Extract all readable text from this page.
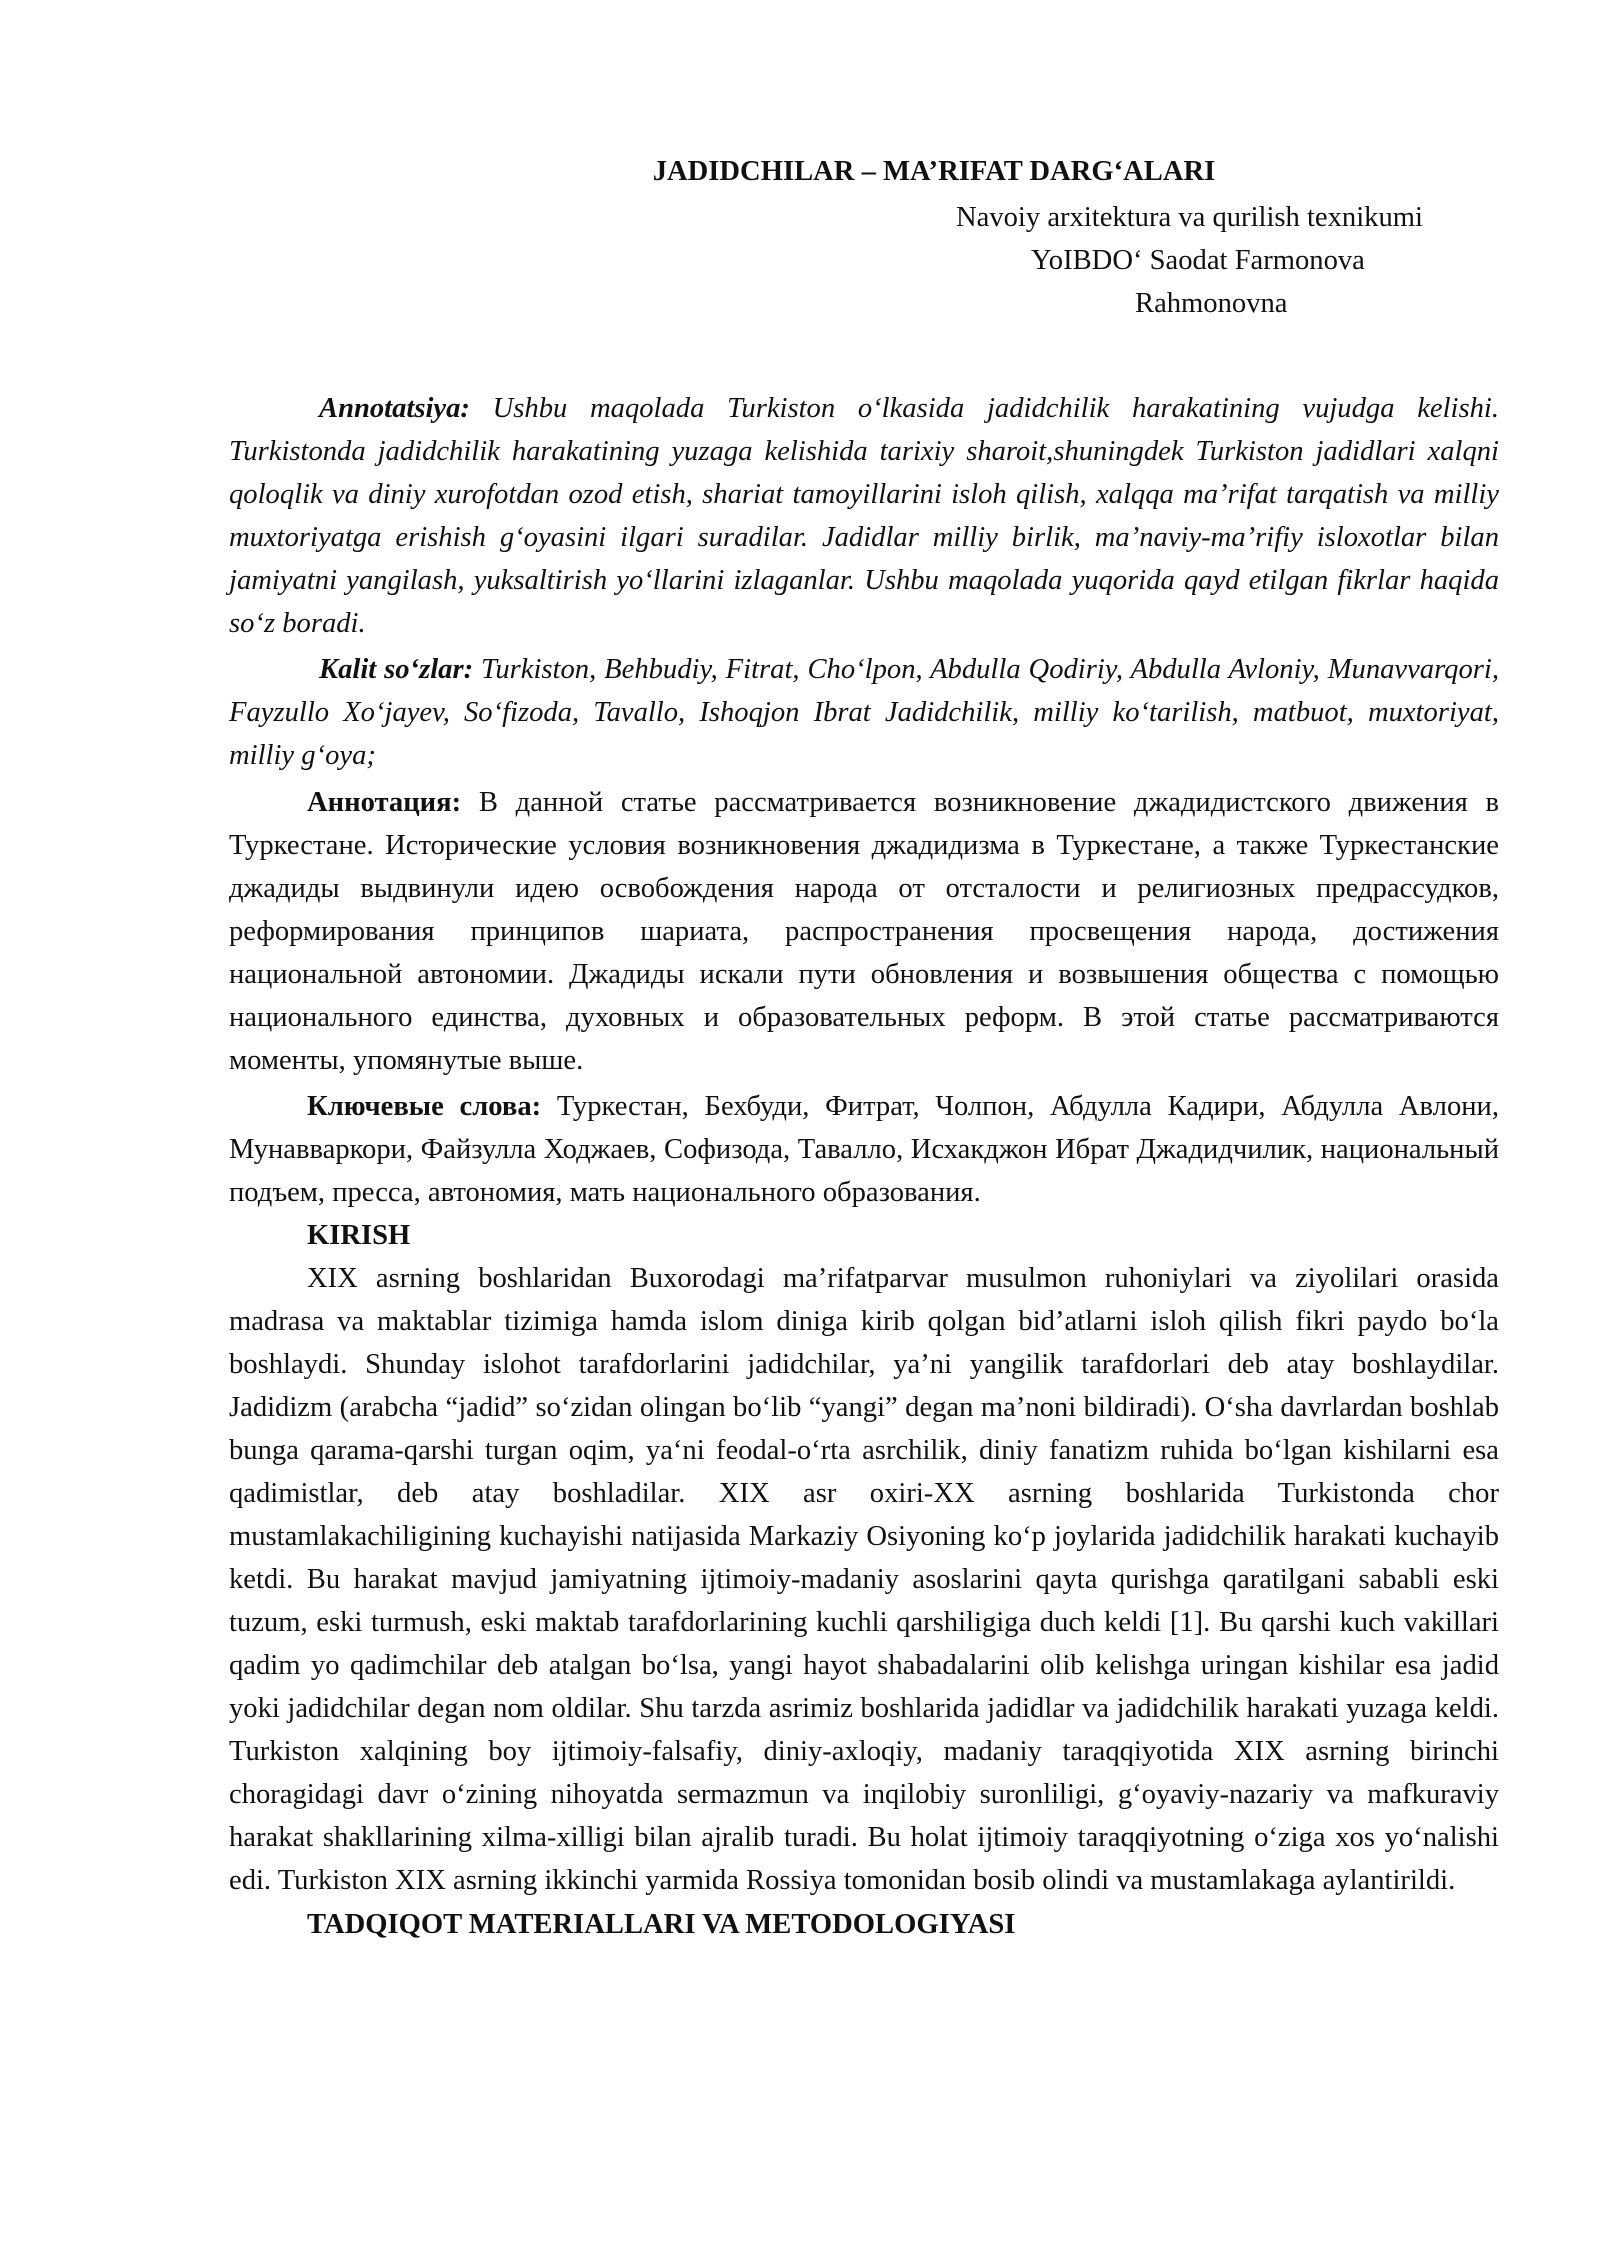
JADIDCHILAR – MA’RIFAT DARG‘ALARI
Navoiy arxitektura va qurilish texnikumi
YoIBDO‘ Saodat Farmonova
Rahmonovna

Annotatsiya: Ushbu maqolada Turkiston o‘lkasida jadidchilik harakatining vujudga kelishi. Turkistonda jadidchilik harakatining yuzaga kelishida tarixiy sharoit,shuningdek Turkiston jadidlari xalqni qoloqlik va diniy xurofotdan ozod etish, shariat tamoyillarini isloh qilish, xalqqa ma’rifat tarqatish va milliy muxtoriyatga erishish g‘oyasini ilgari suradilar. Jadidlar milliy birlik, ma’naviy-ma’rifiy isloxotlar bilan jamiyatni yangilash, yuksaltirish yo‘llarini izlaganlar. Ushbu maqolada yuqorida qayd etilgan fikrlar haqida so‘z boradi.

Kalit so‘zlar: Turkiston, Behbudiy, Fitrat, Cho‘lpon, Abdulla Qodiriy, Abdulla Avloniy, Munavvarqori, Fayzullo Xo‘jayev, So‘fizoda, Tavallo, Ishoqjon Ibrat Jadidchilik, milliy ko‘tarilish, matbuot, muxtoriyat, milliy g‘oya;

Аннотация: В данной статье рассматривается возникновение джадидистского движения в Туркестане. Исторические условия возникновения джадидизма в Туркестане, а также Туркестанские джадиды выдвинули идею освобождения народа от отсталости и религиозных предрассудков, реформирования принципов шариата, распространения просвещения народа, достижения национальной автономии. Джадиды искали пути обновления и возвышения общества с помощью национального единства, духовных и образовательных реформ. В этой статье рассматриваются моменты, упомянутые выше.

Ключевые слова: Туркестан, Бехбуди, Фитрат, Чолпон, Абдулла Кадири, Абдулла Авлони, Мунавваркори, Файзулла Ходжаев, Софизода, Тавалло, Исхакджон Ибрат Джадидчилик, национальный подъем, пресса, автономия, мать национального образования.

KIRISH

XIX asrning boshlaridan Buxorodagi ma’rifatparvar musulmon ruhoniylari va ziyolilari orasida madrasa va maktablar tizimiga hamda islom diniga kirib qolgan bid’atlarni isloh qilish fikri paydo bo‘la boshlaydi. Shunday islohot tarafdorlarini jadidchilar, ya’ni yangilik tarafdorlari deb atay boshlaydilar. Jadidizm (arabcha “jadid” so‘zidan olingan bo‘lib “yangi” degan ma’noni bildiradi). O‘sha davrlardan boshlab bunga qarama-qarshi turgan oqim, ya‘ni feodal-o‘rta asrchilik, diniy fanatizm ruhida bo‘lgan kishilarni esa qadimistlar, deb atay boshladilar. XIX asr oxiri-XX asrning boshlarida Turkistonda chor mustamlakachiligining kuchayishi natijasida Markaziy Osiyoning ko‘p joylarida jadidchilik harakati kuchayib ketdi. Bu harakat mavjud jamiyatning ijtimoiy-madaniy asoslarini qayta qurishga qaratilgani sababli eski tuzum, eski turmush, eski maktab tarafdorlarining kuchli qarshiligiga duch keldi [1]. Bu qarshi kuch vakillari qadim yo qadimchilar deb atalgan bo‘lsa, yangi hayot shabadalarini olib kelishga uringan kishilar esa jadid yoki jadidchilar degan nom oldilar. Shu tarzda asrimiz boshlarida jadidlar va jadidchilik harakati yuzaga keldi. Turkiston xalqining boy ijtimoiy-falsafiy, diniy-axloqiy, madaniy taraqqiyotida XIX asrning birinchi choragidagi davr o‘zining nihoyatda sermazmun va inqilobiy suronliligi, g‘oyaviy-nazariy va mafkuraviy harakat shakllarining xilma-xilligi bilan ajralib turadi. Bu holat ijtimoiy taraqqiyotning o‘ziga xos yo‘nalishi edi. Turkiston XIX asrning ikkinchi yarmida Rossiya tomonidan bosib olindi va mustamlakaga aylantirildi.

TADQIQOT MATERIALLARI VA METODOLOGIYASI
